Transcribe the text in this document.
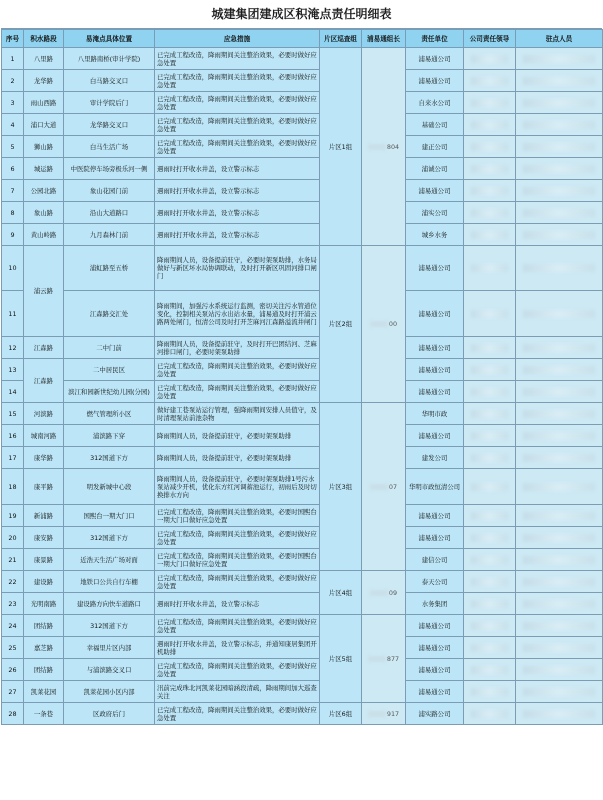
城建集团建成区积淹点责任明细表
序号	积水路段	易淹点具体位置	应急措施	片区巡查组	浦易通组长	责任单位	公司责任领导	驻点人员
1	八里路	八里路南桥(审计学院)	已完成工程改造，降雨期间关注整治效果，必要时做好应急处置	片区1组	804	浦易通公司	

2	龙华路	白马路交叉口	已完成工程改造，降雨期间关注整治效果，必要时做好应急处置			浦易通公司	

3	雨山西路	审计学院后门	已完成工程改造，降雨期间关注整治效果，必要时做好应急处置			自来水公司	

4	浦口大道	龙华路交叉口	已完成工程改造，降雨期间关注整治效果，必要时做好应急处置			基础公司	

5	狮山路	白马生活广场	已完成工程改造，降雨期间关注整治效果，必要时做好应急处置			建正公司	

6	城运路	中医院停车场旁极乐河一侧	遇雨时打开收水井盖，设立警示标志			浦诚公司	

7	公园北路	象山花园门前	遇雨时打开收水井盖，设立警示标志			浦易通公司	

8	象山路	沿山大道路口	遇雨时打开收水井盖，设立警示标志			浦实公司	

9	黄山岭路	九月森林门前	遇雨时打开收水井盖，设立警示标志			城乡水务	

10	浦云路	浦虹路至五桥	降雨期间人员，设备提前驻守，必要时架泵助排，水务局做好与新区坏水局协调联动，及时打开新区巩固河排口闸门	片区2组	00	浦易通公司	

11		江森路交汇处	降雨期间，加强污水系统运行监测，密切关注污水管道位变化，控制相关泵站污水出站水量，浦易通及时打开浦云路两处闸门，恒清公司及时打开芝麻河江森路溢流井闸门			浦易通公司	

12	江森路	二中门前	降雨期间人员，设备提前驻守，及时打开巴团结河、芝麻河排口闸门，必要时架泵助排			浦易通公司	

13	江森路	二中居民区	已完成工程改造，降雨期间关注整治效果，必要时做好应急处置			浦易通公司	

14		滨江和园新世纪幼儿园(分园)	已完成工程改造，降雨期间关注整治效果，必要时做好应急处置			浦易通公司	

15	河滨路	燃气管理所小区	做好建工巷泵站运行管理，强降雨期间安排人员值守，及时清理泵站前池杂物	片区3组	07	华明市政	

16	城南河路	浦滨路下穿	降雨期间人员，设备提前驻守，必要时架泵助排			浦易通公司	

17	康华路	312国道下方	降雨期间人员，设备提前驻守，必要时架泵助排			建发公司	

18	康平路	明发新城中心段	降雨期间人员，设备提前驻守，必要时架泵助排1号污水泵站减少开机，优化东方红河调蓄池运行，初雨后及时切换排水方向			华明市政恒清公司	

19	新浦路	国熙台一期大门口	已完成工程改造，降雨期间关注整治效果，必要时国熙台一期大门口做好应急处置			浦易通公司	

20	康安路	312国道下方	已完成工程改造，降雨期间关注整治效果，必要时做好应急处置			浦易通公司	

21	康景路	近浩天生活广场对面	已完成工程改造，降雨期间关注整治效果，必要时国熙台一期大门口做好应急处置			建信公司	

22	建设路	地铁口公共自行车棚	已完成工程改造，降雨期间关注整治效果，必要时做好应急处置	片区4组	09	泰天公司	

23	光明南路	建设路方向快车道路口	遇雨时打开收水井盖，设立警示标志			水务集团	

24	团结路	312国道下方	已完成工程改造，降雨期间关注整治效果，必要时做好应急处置	片区5组	877	浦易通公司	

25	嘉芝路	幸福里片区内部	遇雨时打开收水井盖，设立警示标志，并通知康居集团开机助排			浦易通公司	

26	团结路	与浦滨路交叉口	已完成工程改造，降雨期间关注整治效果，必要时做好应急处置			浦易通公司	

27	凯莱花园	凯莱花园小区内部	汛前完成珠北河凯莱花园暗涵段清疏，降雨期间加大巡查关注			浦易通公司	

28	一条巷	区政府后门	已完成工程改造，降雨期间关注整治效果，必要时做好应急处置	片区6组	917	浦实路公司	
